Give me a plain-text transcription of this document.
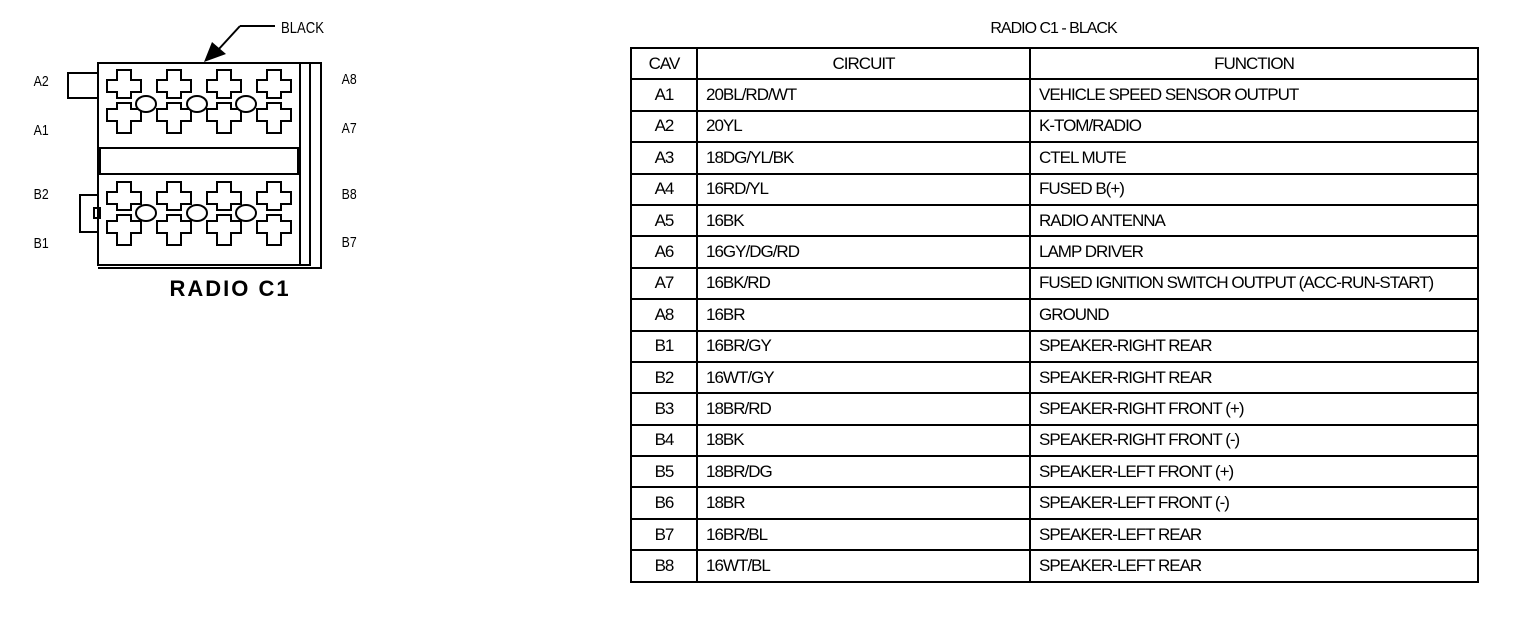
BLACK
A2
A1
B2
B1
A8
A7
B8
B7
RADIO C1
RADIO C1 - BLACK
CAV	CIRCUIT	FUNCTION
A1	20BL/RD/WT	VEHICLE SPEED SENSOR OUTPUT
A2	20YL	K-TOM/RADIO
A3	18DG/YL/BK	CTEL MUTE
A4	16RD/YL	FUSED B(+)
A5	16BK	RADIO ANTENNA
A6	16GY/DG/RD	LAMP DRIVER
A7	16BK/RD	FUSED IGNITION SWITCH OUTPUT (ACC-RUN-START)
A8	16BR	GROUND
B1	16BR/GY	SPEAKER-RIGHT REAR
B2	16WT/GY	SPEAKER-RIGHT REAR
B3	18BR/RD	SPEAKER-RIGHT FRONT (+)
B4	18BK	SPEAKER-RIGHT FRONT (-)
B5	18BR/DG	SPEAKER-LEFT FRONT (+)
B6	18BR	SPEAKER-LEFT FRONT (-)
B7	16BR/BL	SPEAKER-LEFT REAR
B8	16WT/BL	SPEAKER-LEFT REAR
